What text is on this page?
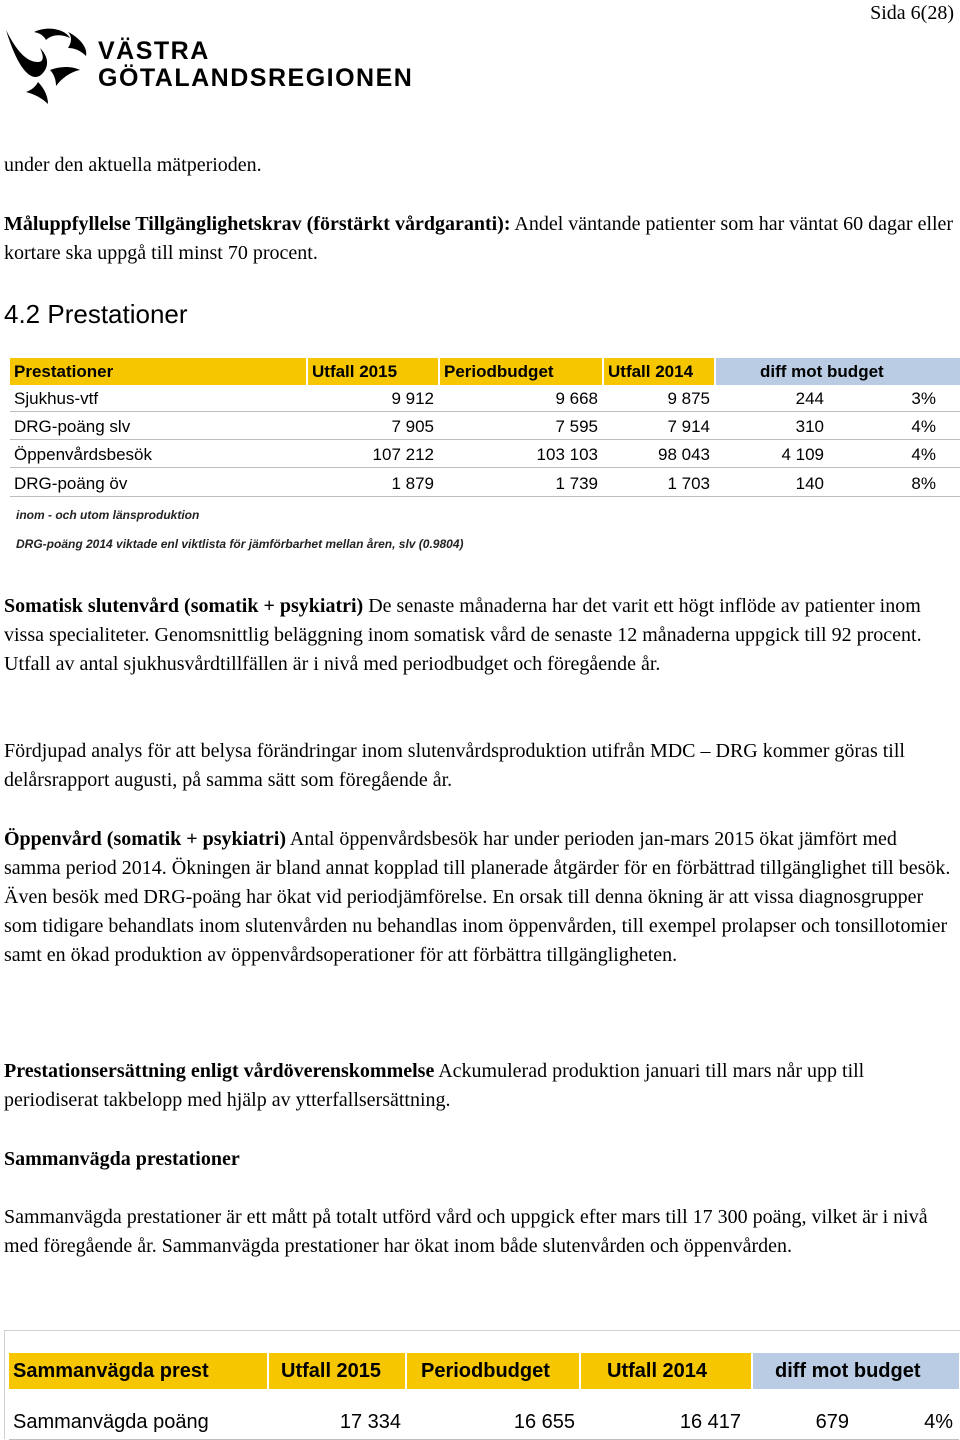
Sida 6(28)
VÄSTRA
GÖTALANDSREGIONEN
under den aktuella mätperioden.
Måluppfyllelse Tillgänglighetskrav (förstärkt vårdgaranti): Andel väntande patienter som har väntat 60 dagar eller kortare ska uppgå till minst 70 procent.
4.2 Prestationer
Prestationer	Utfall 2015	Periodbudget	Utfall 2014	diff mot budget
Sjukhus-vtf	9 912	9 668	9 875	244	3%
DRG-poäng slv	7 905	7 595	7 914	310	4%
Öppenvårdsbesök	107 212	103 103	98 043	4 109	4%
DRG-poäng öv	1 879	1 739	1 703	140	8%
inom - och utom länsproduktion
DRG-poäng 2014 viktade enl viktlista för jämförbarhet mellan åren, slv (0.9804)
Somatisk slutenvård (somatik + psykiatri) De senaste månaderna har det varit ett högt inflöde av patienter inom vissa specialiteter. Genomsnittlig beläggning inom somatisk vård de senaste 12 månaderna uppgick till 92 procent. Utfall av antal sjukhusvårdtillfällen är i nivå med periodbudget och föregående år.
Fördjupad analys för att belysa förändringar inom slutenvårdsproduktion utifrån MDC – DRG kommer göras till delårsrapport augusti, på samma sätt som föregående år.
Öppenvård (somatik + psykiatri) Antal öppenvårdsbesök har under perioden jan-mars 2015 ökat jämfört med samma period 2014. Ökningen är bland annat kopplad till planerade åtgärder för en förbättrad tillgänglighet till besök. Även besök med DRG-poäng har ökat vid periodjämförelse. En orsak till denna ökning är att vissa diagnosgrupper som tidigare behandlats inom slutenvården nu behandlas inom öppenvården, till exempel prolapser och tonsillotomier samt en ökad produktion av öppenvårdsoperationer för att förbättra tillgängligheten.
Prestationsersättning enligt vårdöverenskommelse Ackumulerad produktion januari till mars når upp till periodiserat takbelopp med hjälp av ytterfallsersättning.
Sammanvägda prestationer
Sammanvägda prestationer är ett mått på totalt utförd vård och uppgick efter mars till 17 300 poäng, vilket är i nivå med föregående år. Sammanvägda prestationer har ökat inom både slutenvården och öppenvården.
Sammanvägda prest	Utfall 2015	Periodbudget	Utfall 2014	diff mot budget
Sammanvägda poäng	17 334	16 655	16 417	679	4%
